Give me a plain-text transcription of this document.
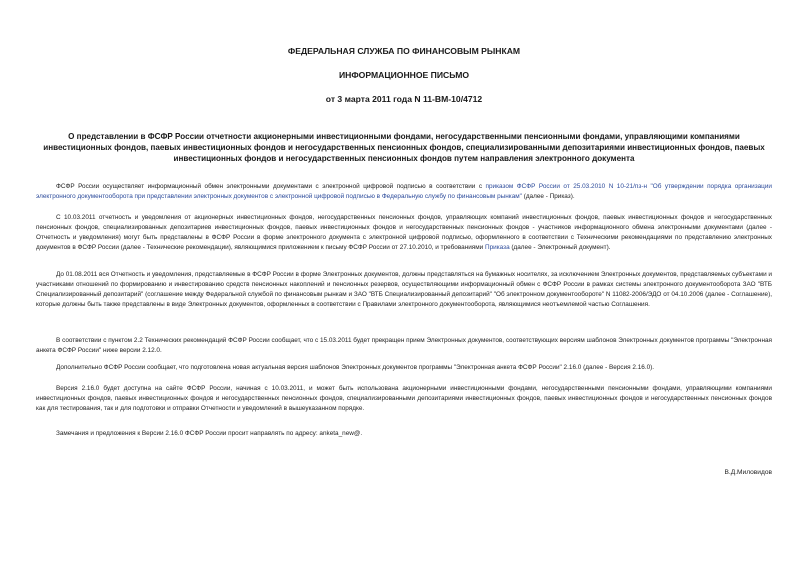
ФЕДЕРАЛЬНАЯ СЛУЖБА ПО ФИНАНСОВЫМ РЫНКАМ
ИНФОРМАЦИОННОЕ ПИСЬМО
от 3 марта 2011 года N 11-ВМ-10/4712
О представлении в ФСФР России отчетности акционерными инвестиционными фондами, негосударственными пенсионными фондами, управляющими компаниями инвестиционных фондов, паевых инвестиционных фондов и негосударственных пенсионных фондов, специализированными депозитариями инвестиционных фондов, паевых инвестиционных фондов и негосударственных пенсионных фондов путем направления электронного документа
ФСФР России осуществляет информационный обмен электронными документами с электронной цифровой подписью в соответствии с приказом ФСФР России от 25.03.2010 N 10-21/пз-н "Об утверждении порядка организации электронного документооборота при представлении электронных документов с электронной цифровой подписью в Федеральную службу по финансовым рынкам" (далее - Приказ).
С 10.03.2011 отчетность и уведомления от акционерных инвестиционных фондов, негосударственных пенсионных фондов, управляющих компаний инвестиционных фондов, паевых инвестиционных фондов и негосударственных пенсионных фондов, специализированных депозитариев инвестиционных фондов, паевых инвестиционных фондов и негосударственных пенсионных фондов - участников информационного обмена электронными документами (далее - Отчетность и уведомления) могут быть представлены в ФСФР России в форме электронного документа с электронной цифровой подписью, оформленного в соответствии с Техническими рекомендациями по представлению электронных документов в ФСФР России (далее - Технические рекомендации), являющимися приложением к письму ФСФР России от 27.10.2010, и требованиями Приказа (далее - Электронный документ).
До 01.08.2011 вся Отчетность и уведомления, представляемые в ФСФР России в форме Электронных документов, должны представляться на бумажных носителях, за исключением Электронных документов, представляемых субъектами и участниками отношений по формированию и инвестированию средств пенсионных накоплений и пенсионных резервов, осуществляющими информационный обмен с ФСФР России в рамках системы электронного документооборота ЗАО "ВТБ Специализированный депозитарий" (соглашение между Федеральной службой по финансовым рынкам и ЗАО "ВТБ Специализированный депозитарий" "Об электронном документообороте" N 11082-2006/ЭДО от 04.10.2006 (далее - Соглашение), которые должны быть также представлены в виде Электронных документов, оформленных в соответствии с Правилами электронного документооборота, являющимися неотъемлемой частью Соглашения.
В соответствии с пунктом 2.2 Технических рекомендаций ФСФР России сообщает, что с 15.03.2011 будет прекращен прием Электронных документов, соответствующих версиям шаблонов Электронных документов программы "Электронная анкета ФСФР России" ниже версии 2.12.0.
Дополнительно ФСФР России сообщает, что подготовлена новая актуальная версия шаблонов Электронных документов программы "Электронная анкета ФСФР России" 2.16.0 (далее - Версия 2.16.0).
Версия 2.16.0 будет доступна на сайте ФСФР России, начиная с 10.03.2011, и может быть использована акционерными инвестиционными фондами, негосударственными пенсионными фондами, управляющими компаниями инвестиционных фондов, паевых инвестиционных фондов и негосударственных пенсионных фондов, специализированными депозитариями инвестиционных фондов, паевых инвестиционных фондов и негосударственных пенсионных фондов как для тестирования, так и для подготовки и отправки Отчетности и уведомлений в вышеуказанном порядке.
Замечания и предложения к Версии 2.16.0 ФСФР России просит направлять по адресу: anketa_new@.
В.Д.Миловидов
